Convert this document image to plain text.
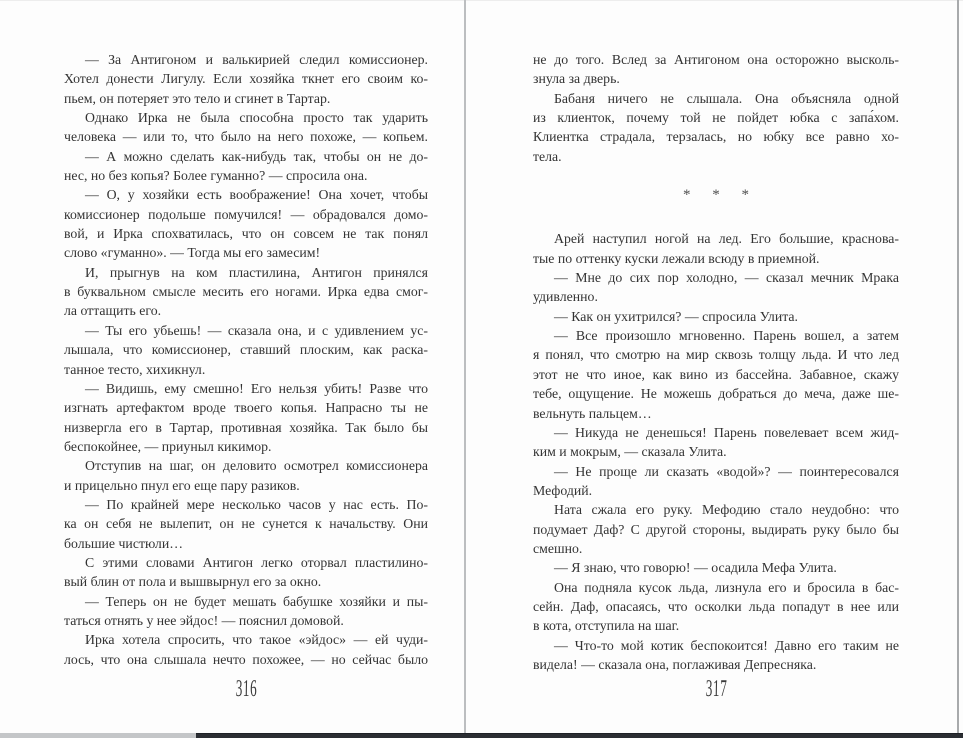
— За Антигоном и валькирией следил комиссионер.
Хотел донести Лигулу. Если хозяйка ткнет его своим ко-
пьем, он потеряет это тело и сгинет в Тартар.
Однако Ирка не была способна просто так ударить
человека — или то, что было на него похоже, — копьем.
— А можно сделать как-нибудь так, чтобы он не до-
нес, но без копья? Более гуманно? — спросила она.
— О, у хозяйки есть воображение! Она хочет, чтобы
комиссионер подольше помучился! — обрадовался домо-
вой, и Ирка спохватилась, что он совсем не так понял
слово «гуманно». — Тогда мы его замесим!
И, прыгнув на ком пластилина, Антигон принялся
в буквальном смысле месить его ногами. Ирка едва смог-
ла оттащить его.
— Ты его убьешь! — сказала она, и с удивлением ус-
лышала, что комиссионер, ставший плоским, как раска-
танное тесто, хихикнул.
— Видишь, ему смешно! Его нельзя убить! Разве что
изгнать артефактом вроде твоего копья. Напрасно ты не
низвергла его в Тартар, противная хозяйка. Так было бы
беспокойнее, — приуныл кикимор.
Отступив на шаг, он деловито осмотрел комиссионера
и прицельно пнул его еще пару разиков.
— По крайней мере несколько часов у нас есть. По-
ка он себя не вылепит, он не сунется к начальству. Они
большие чистюли…
С этими словами Антигон легко оторвал пластилино-
вый блин от пола и вышвырнул его за окно.
— Теперь он не будет мешать бабушке хозяйки и пы-
таться отнять у нее эйдос! — пояснил домовой.
Ирка хотела спросить, что такое «эйдос» — ей чуди-
лось, что она слышала нечто похожее, — но сейчас было
316
не до того. Вслед за Антигоном она осторожно высколь-
знула за дверь.
Бабаня ничего не слышала. Она объясняла одной
из клиенток, почему той не пойдет юбка с запа́хом.
Клиентка страдала, терзалась, но юбку все равно хо-
тела.
* * *
Арей наступил ногой на лед. Его большие, краснова-
тые по оттенку куски лежали всюду в приемной.
— Мне до сих пор холодно, — сказал мечник Мрака
удивленно.
— Как он ухитрился? — спросила Улита.
— Все произошло мгновенно. Парень вошел, а затем
я понял, что смотрю на мир сквозь толщу льда. И что лед
этот не что иное, как вино из бассейна. Забавное, скажу
тебе, ощущение. Не можешь добраться до меча, даже ше-
вельнуть пальцем…
— Никуда не денешься! Парень повелевает всем жид-
ким и мокрым, — сказала Улита.
— Не проще ли сказать «водой»? — поинтересовался
Мефодий.
Ната сжала его руку. Мефодию стало неудобно: что
подумает Даф? С другой стороны, выдирать руку было бы
смешно.
— Я знаю, что говорю! — осадила Мефа Улита.
Она подняла кусок льда, лизнула его и бросила в бас-
сейн. Даф, опасаясь, что осколки льда попадут в нее или
в кота, отступила на шаг.
— Что-то мой котик беспокоится! Давно его таким не
видела! — сказала она, поглаживая Депресняка.
317
